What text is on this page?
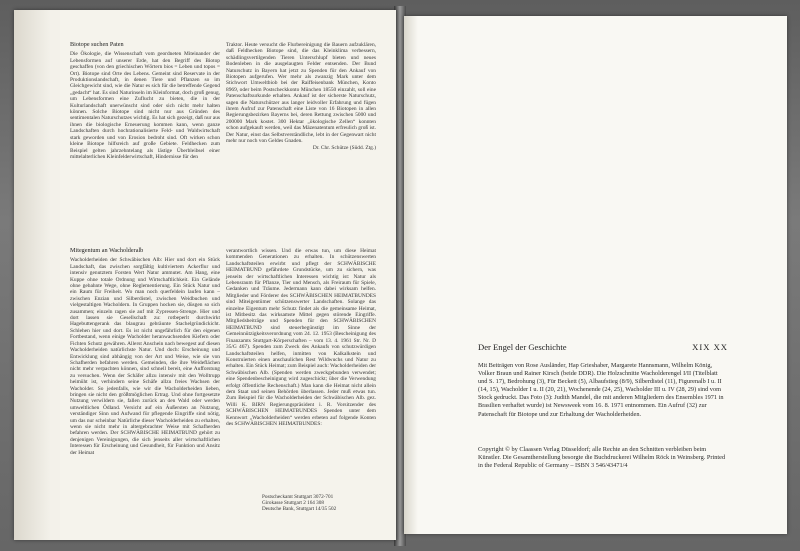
Biotope suchen Paten

Die Ökologie, die Wissenschaft vom geordneten Miteinander der Lebensformen auf unserer Erde, hat den Begriff des Biotop geschaffen (von den griechischen Wörtern bios = Leben und topos = Ort). Biotope sind Orte des Lebens. Gemeint sind Reservate in der Produktionslandschaft, in denen Tiere und Pflanzen so im Gleichgewicht sind, wie die Natur es sich für die betreffende Gegend „gedacht“ hat. Es sind Naturinseln im Kleinformat, doch groß genug, um Lebensformen eine Zuflucht zu bieten, die in der Kulturlandschaft unerwünscht sind oder sich nicht mehr halten können. Solche Biotope sind nicht nur aus Gründen des sentimentalen Naturschutzes wichtig. Es hat sich gezeigt, daß nur aus ihnen die biologische Erneuerung kommen kann, wenn ganze Landschaften durch hochrationalisierte Feld- und Waldwirtschaft stark geworden und von Erosion bedroht sind. Oft wirken schon kleine Biotope hilfsreich auf große Gebiete. Feldhecken zum Beispiel gelten jahrzehntelang als lästige Überbleibsel einer mittelalterlichen Kleinfelderwirtschaft, Hindernisse für den

Traktor. Heute versucht die Flurbereinigung die Bauern aufzuklären, daß Feldhecken Biotope sind, die das Kleinklima verbessern, schädlingsvertilgenden Tieren Unterschlupf bieten und neues Bodenleben in die ausgelaugten Felder entsenden. Der Bund Naturschutz in Bayern hat jetzt zu Spenden für den Ankauf von Biotopen aufgerufen. Wer mehr als zwanzig Mark unter dem Stichwort Umweltbiob bei der Raiffeisenbank München, Konto 8969, oder beim Postscheckkonto München 18550 einzahlt, soll eine Patenschaftsurkunde erhalten. Ankauf ist der sicherste Naturschutz, sagen die Naturschützer aus langer leidvoller Erfahrung und fügen ihrem Aufruf zur Patenschaft eine Liste von 16 Biotopen in allen Regierungsbezirken Bayerns bei, deren Rettung zwischen 5000 und 200000 Mark kostet. 300 Hektar „ökologische Zellen“ konnten schon aufgekauft werden, weil das Mäzenatentum erfreulich groß ist. Der Natur, einst das Selbstverständliche, lebt in der Gegenwart nicht mehr nur noch von Geldes Gnaden.

Dr. Chr. Schütze (Südd. Ztg.)

Mitegentum an Wacholderalb

Wacholderheiden der Schwäbischen Alb: Hier und dort ein Stück Landschaft, das zwischen sorgfältig kultiviertem Ackerflur und intensiv genutztem Forsten Wert Natur ammutet. Am Hang, eine Kuppe ohne totale Ordnung und Wirtschaftlichkeit. Ein Gelände ohne gebahnte Wege, ohne Reglementierung. Ein Stück Natur und ein Raum für Freiheit. Wo man noch querfeldein laufen kann – zwischen Enzian und Silberdistel, zwischen Weidbuchen und vielgestaltigen Wacholdern. In Gruppen hocken sie, düsgen so sich zusammen; einzeln ragen sie auf mit Zypressen-Strenge. Hier und dort lassen sie Gesellschaft zu: rotbeperlt durchwirkt Hagebuttengerank das blaugrau gebräunte Stachelgründickicht. Schlehen hier und dort. Es ist nicht ungefährlich für den eigenen Fortbestand, wenn einige Wacholder heranwachsenden Kiefern oder Fichten Schutz gewähren. Allerst Anschein nach bewegest auf diesen Wacholderheiden natürlichste Natur. Und doch: Erscheinung und Entwicklung sind abhängig von der Art und Weise, wie sie von Schafherden befahren werden. Gemeinden, die ihre Weideflächen nicht mehr verpachten können, sind schnell bereit, eine Aufforstung zu versuchen. Wenn der Schäfer allzu intensiv mit den Wolltrupp heimüht ist, verhindern seine Schäfe allzu freies Wachsen der Wacholder. So jedenfalls, wie wir die Wacholderheiden lieben, bringen sie nicht den größtmöglichen Ertrag. Und ohne fortgesetzte Nutzung verwildern sie, fallen zurück an den Wald oder werden umweltlichen Ödland. Versicht auf ein Äußersten an Nutzung, verständiger Sinn und Aufwand für pflegende Eingriffe sind nötig, um das nur scheinbar Natürliche dieser Wacholderheiden zu erhalten, wenn sie nicht mehr in altergebrachter Weise mit Schafherden befahren werden. Der SCHWÄBISCHE HEIMATBUND gehört zu denjenigen Vereinigungen, die sich jenseits aller wirtschaftlichen Interessen für Erscheinung und Gesundheit, für Funktion und Ansitz der Heimat

verantwortlich wissen. Und die erwas tun, um diese Heimat kommenden Generationen zu erhalten. In schützenswerten Landschaftsteilen erwirbt und pflegt der SCHWÄBISCHE HEIMATBUND gefährdete Grundstücke, um zu sichern, was jenseits der wirtschaftlichen Interessen wichtig ist: Natur als Lebensraum für Pflanze, Tier und Mensch, als Freiraum für Spiele, Gedanken und Träume. Jedermann kann dabei wirksam helfen. Mitglieder und Förderer des SCHWÄBISCHEN HEIMATBUNDES sind Miteigentümer schützenswerter Landschaften. Solange das einzelne Eigentum mehr Schutz findet als die gemeinsame Heimat, ist Mitbesitz das wirksamste Mittel gegen störende Eingriffe. Mitgliedsbeiträge und Spenden für den SCHWÄBISCHEN HEIMATBUND sind steuerbegünstigt im Sinne der Gemeinnützigkeitsverordnung vom 24. 12. 1953 (Bescheinigung des Finanzamts Stuttgart-Körperschaften – vom 13. 4. 1961 Str. Nr. D 35/G 467). Spenden zum Zweck des Ankaufs von schutzwürdigen Landschaftsteilen helfen, inmitten von Kalkalkstein und Konstruierten einen anschaulichen Rest Wildwuchs und Natur zu erhalten. Ein Stück Heimat; zum Beispiel auch: Wacholderheiden der Schwäbischen Alb. (Spenden werden zweckgebunden verwendet; eine Spendenbescheinigung wird zugeschickt; über die Verwendung erfolgt öffentliche Rechenschaft.) Man kann die Heimat nicht allein dem Staat und seinen Behörden überlassen. Jeder muß etwas tun. Zum Beispiel für die Wacholderheiden der Schwäbischen Alb. gez. Willi K. BIRN Regierungspräsident i. R. Vorsitzender des SCHWÄBISCHEN HEIMATBUNDES Spenden unter dem Kennwort „Wacholderheiden“ werden erbeten auf folgende Konten des SCHWÄBISCHEN HEIMATBUNDES:

Postscheckamt Stuttgart 3072-701
Girokasse Stuttgart 2 164 308
Deutsche Bank, Stuttgart 14/35 502
Der Engel der Geschichte	XIX XX
Mit Beiträgen von Rose Ausländer, Hap Grieshaber, Margarete Hannsmann, Wilhelm König, Volker Braun und Rainer Kirsch (beide DDR). Die Holzschnitte Wacholderengel I/II (Titelblatt und S. 17), Bedrohung (3), Für Beckett (5), Albaufstieg (8/9), Silberdistel (11), Figurenalb I u. II (14, 15), Wacholder I u. II (20, 21), Wochenende (24, 25), Wacholder III u. IV (28, 29) sind vom Stock gedruckt. Das Foto (3): Judith Mandel, die mit anderen Mitgliedern des Ensembles 1971 in Brasilien verhaftet wurde) ist Newsweek vom 16. 8. 1971 entnommen. Ein Aufruf (32) zur Patenschaft für Biotope und zur Erhaltung der Wacholderheiden.
Copyright © by Claassen Verlag Düsseldorf; alle Rechte an den Schnitten verbleiben beim Künstler. Die Gesamtherstellung besorgte die Buchdruckerei Wilhelm Röck in Weinsberg. Printed in the Federal Republic of Germany – ISBN 3 546/43471/4
